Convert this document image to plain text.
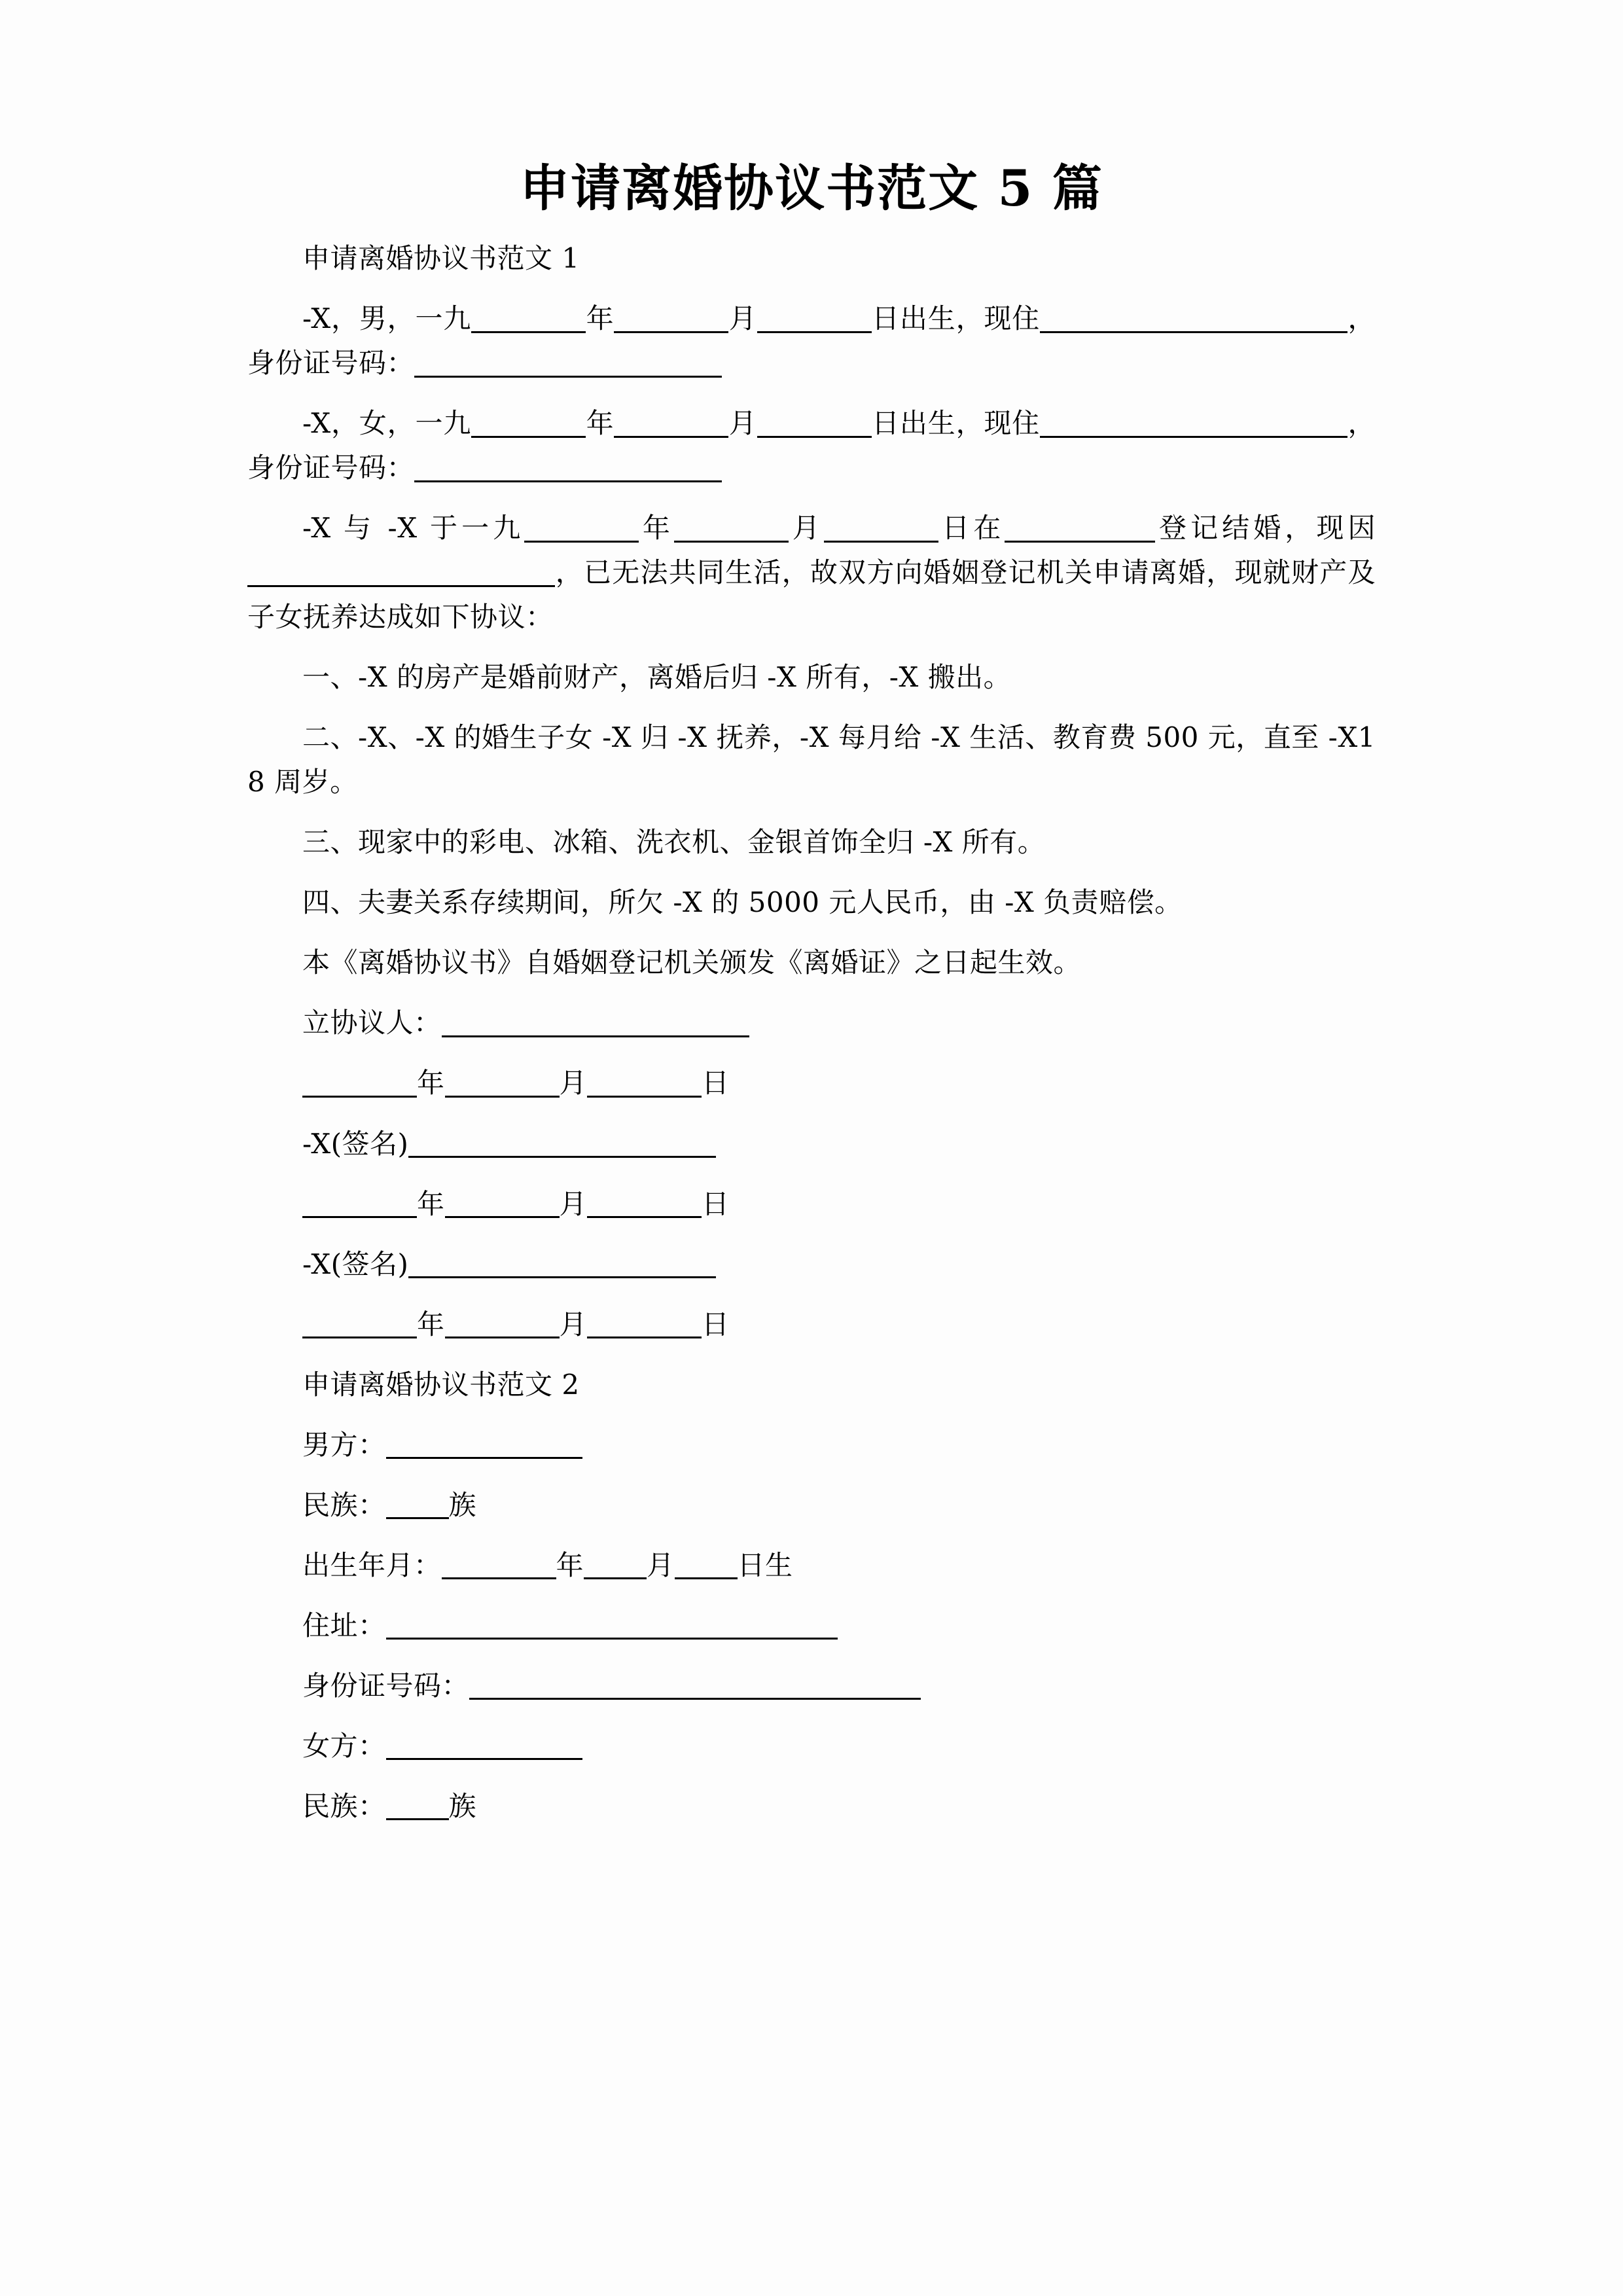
申请离婚协议书范文 5 篇

申请离婚协议书范文 1

-X，男，一九	年	月	日出生，现住	，身份证号码：

-X，女，一九	年	月	日出生，现住	，身份证号码：

-X 与 -X 于一九	年	月	日在	登记结婚，现因，已无法共同生活，故双方向婚姻登记机关申请离婚，现就财产及子女抚养达成如下协议：

一、-X 的房产是婚前财产，离婚后归 -X 所有，-X 搬出。

二、-X、-X 的婚生子女 -X 归 -X 抚养，-X 每月给 -X 生活、教育费 500 元，直至 -X18 周岁。

三、现家中的彩电、冰箱、洗衣机、金银首饰全归 -X 所有。

四、夫妻关系存续期间，所欠 -X 的 5000 元人民币，由 -X 负责赔偿。

本《离婚协议书》自婚姻登记机关颁发《离婚证》之日起生效。

立协议人：

年	月	日

-X(签名)

年	月	日

-X(签名)

年	月	日

申请离婚协议书范文 2

男方：

民族： 族

出生年月：	年 月 日生

住址：

身份证号码：

女方：

民族： 族
